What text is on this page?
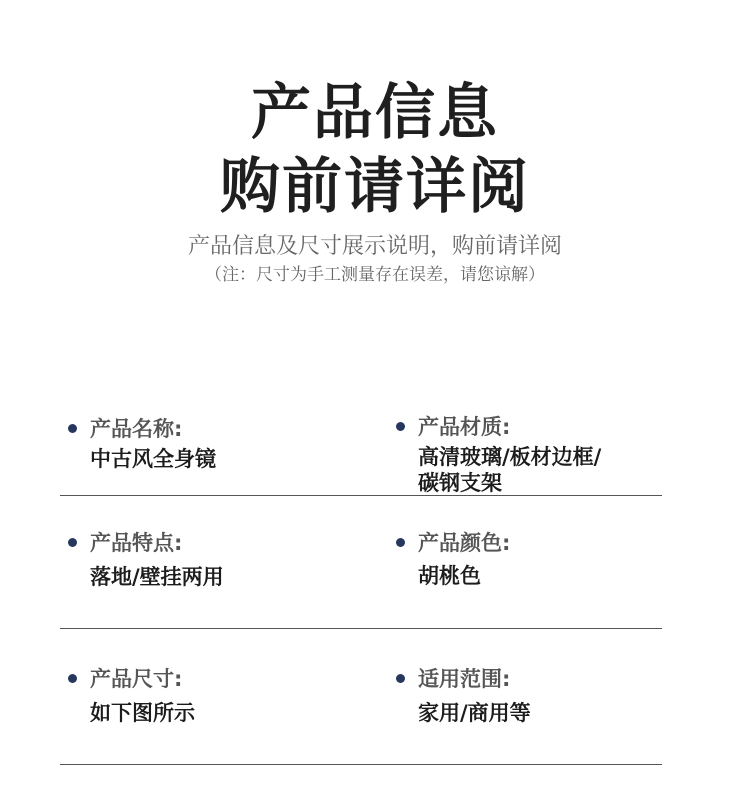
产品信息
购前请详阅
产品信息及尺寸展示说明，购前请详阅
（注：尺寸为手工测量存在误差，请您谅解）
产品名称:
中古风全身镜
产品材质:
高清玻璃/板材边框/
碳钢支架
产品特点:
落地/壁挂两用
产品颜色:
胡桃色
产品尺寸:
如下图所示
适用范围:
家用/商用等
